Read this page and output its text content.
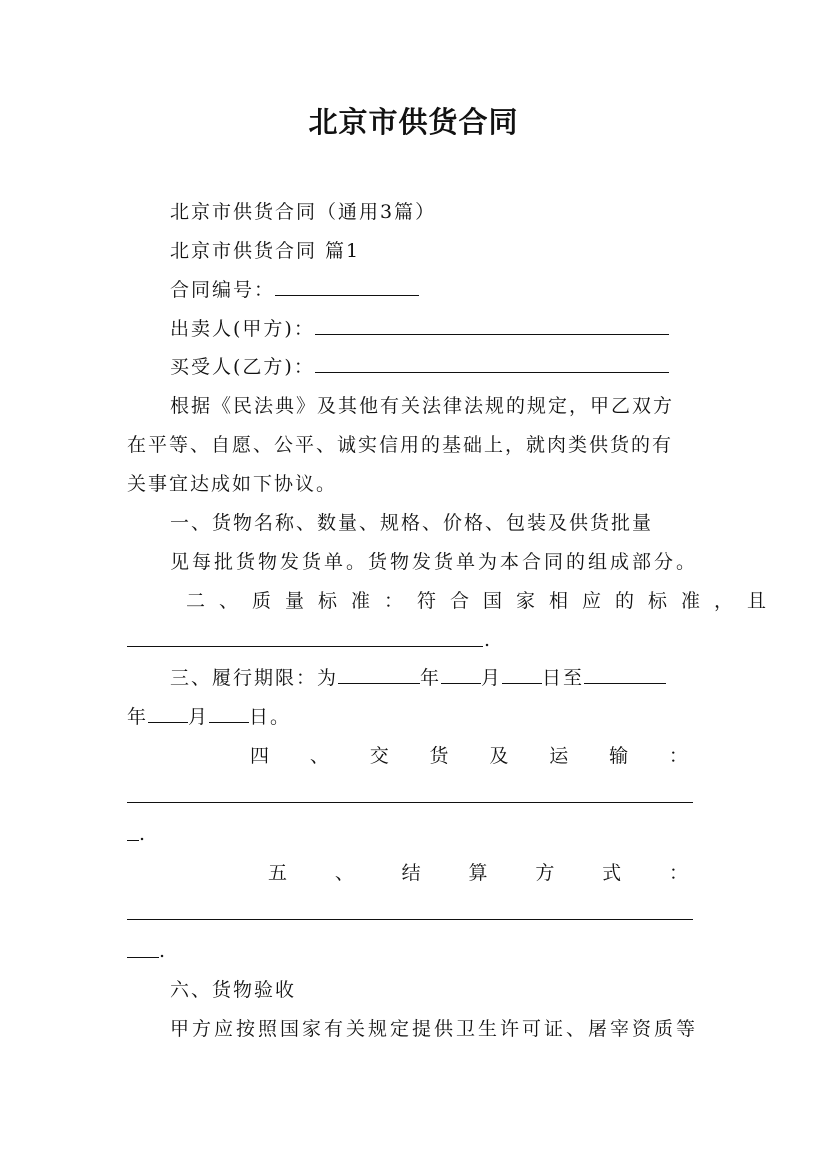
北京市供货合同
北京市供货合同（通用3篇）
北京市供货合同 篇1
合同编号：
出卖人(甲方)：
买受人(乙方)：
根据《民法典》及其他有关法律法规的规定，甲乙双方
在平等、自愿、公平、诚实信用的基础上，就肉类供货的有
关事宜达成如下协议。
一、货物名称、数量、规格、价格、包装及供货批量
见每批货物发货单。货物发货单为本合同的组成部分。
二、质量标准：符合国家相应的标准，且
.
三、履行期限：为	年 月 日至
年 月 日。
四 、 交 货 及 运 输 ：
.
五 、 结 算 方 式 ：
.
六、货物验收
甲方应按照国家有关规定提供卫生许可证、屠宰资质等
